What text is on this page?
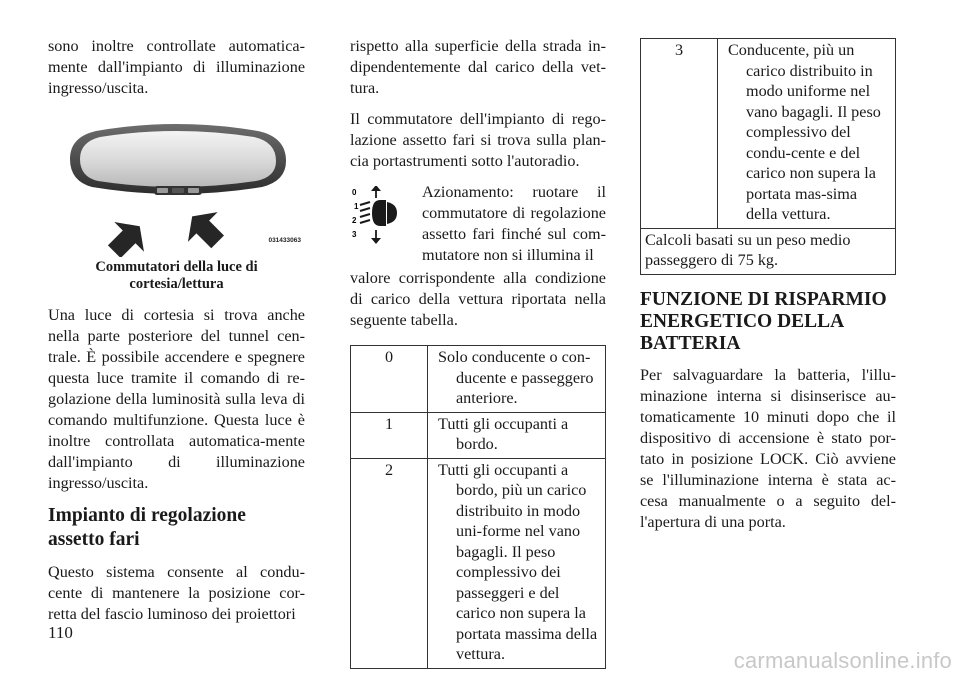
sono inoltre controllate automatica-mente dall'impianto di illuminazione ingresso/uscita.

031433063
Commutatori della luce di
cortesia/lettura

Una luce di cortesia si trova anche nella parte posteriore del tunnel cen-trale. È possibile accendere e spegnere questa luce tramite il comando di re-golazione della luminosità sulla leva di comando multifunzione. Questa luce è inoltre controllata automatica-mente dall'impianto di illuminazione ingresso/uscita.

Impianto di regolazione assetto fari

Questo sistema consente al condu-cente di mantenere la posizione cor-retta del fascio luminoso dei proiettori

rispetto alla superficie della strada in-dipendentemente dal carico della vet-tura.

Il commutatore dell'impianto di rego-lazione assetto fari si trova sulla plan-cia portastrumenti sotto l'autoradio.

0
1
2
3

Azionamento: ruotare il commutatore di regolazione assetto fari finché sul com-mutatore non si illumina il

valore corrispondente alla condizione di carico della vettura riportata nella seguente tabella.

0	Solo conducente o con-ducente e passeggero anteriore.

1	Tutti gli occupanti a bordo.

2	Tutti gli occupanti a bordo, più un carico distribuito in modo uni-forme nel vano bagagli. Il peso complessivo dei passeggeri e del carico non supera la portata massima della vettura.
3	Conducente, più un carico distribuito in modo uniforme nel vano bagagli. Il peso complessivo del condu-cente e del carico non supera la portata mas-sima della vettura.

Calcoli basati su un peso medio passeggero di 75 kg.
FUNZIONE DI RISPARMIO ENERGETICO DELLA BATTERIA

Per salvaguardare la batteria, l'illu-minazione interna si disinserisce au-tomaticamente 10 minuti dopo che il dispositivo di accensione è stato por-tato in posizione LOCK. Ciò avviene se l'illuminazione interna è stata ac-cesa manualmente o a seguito del-l'apertura di una porta.

110
carmanualsonline.info
